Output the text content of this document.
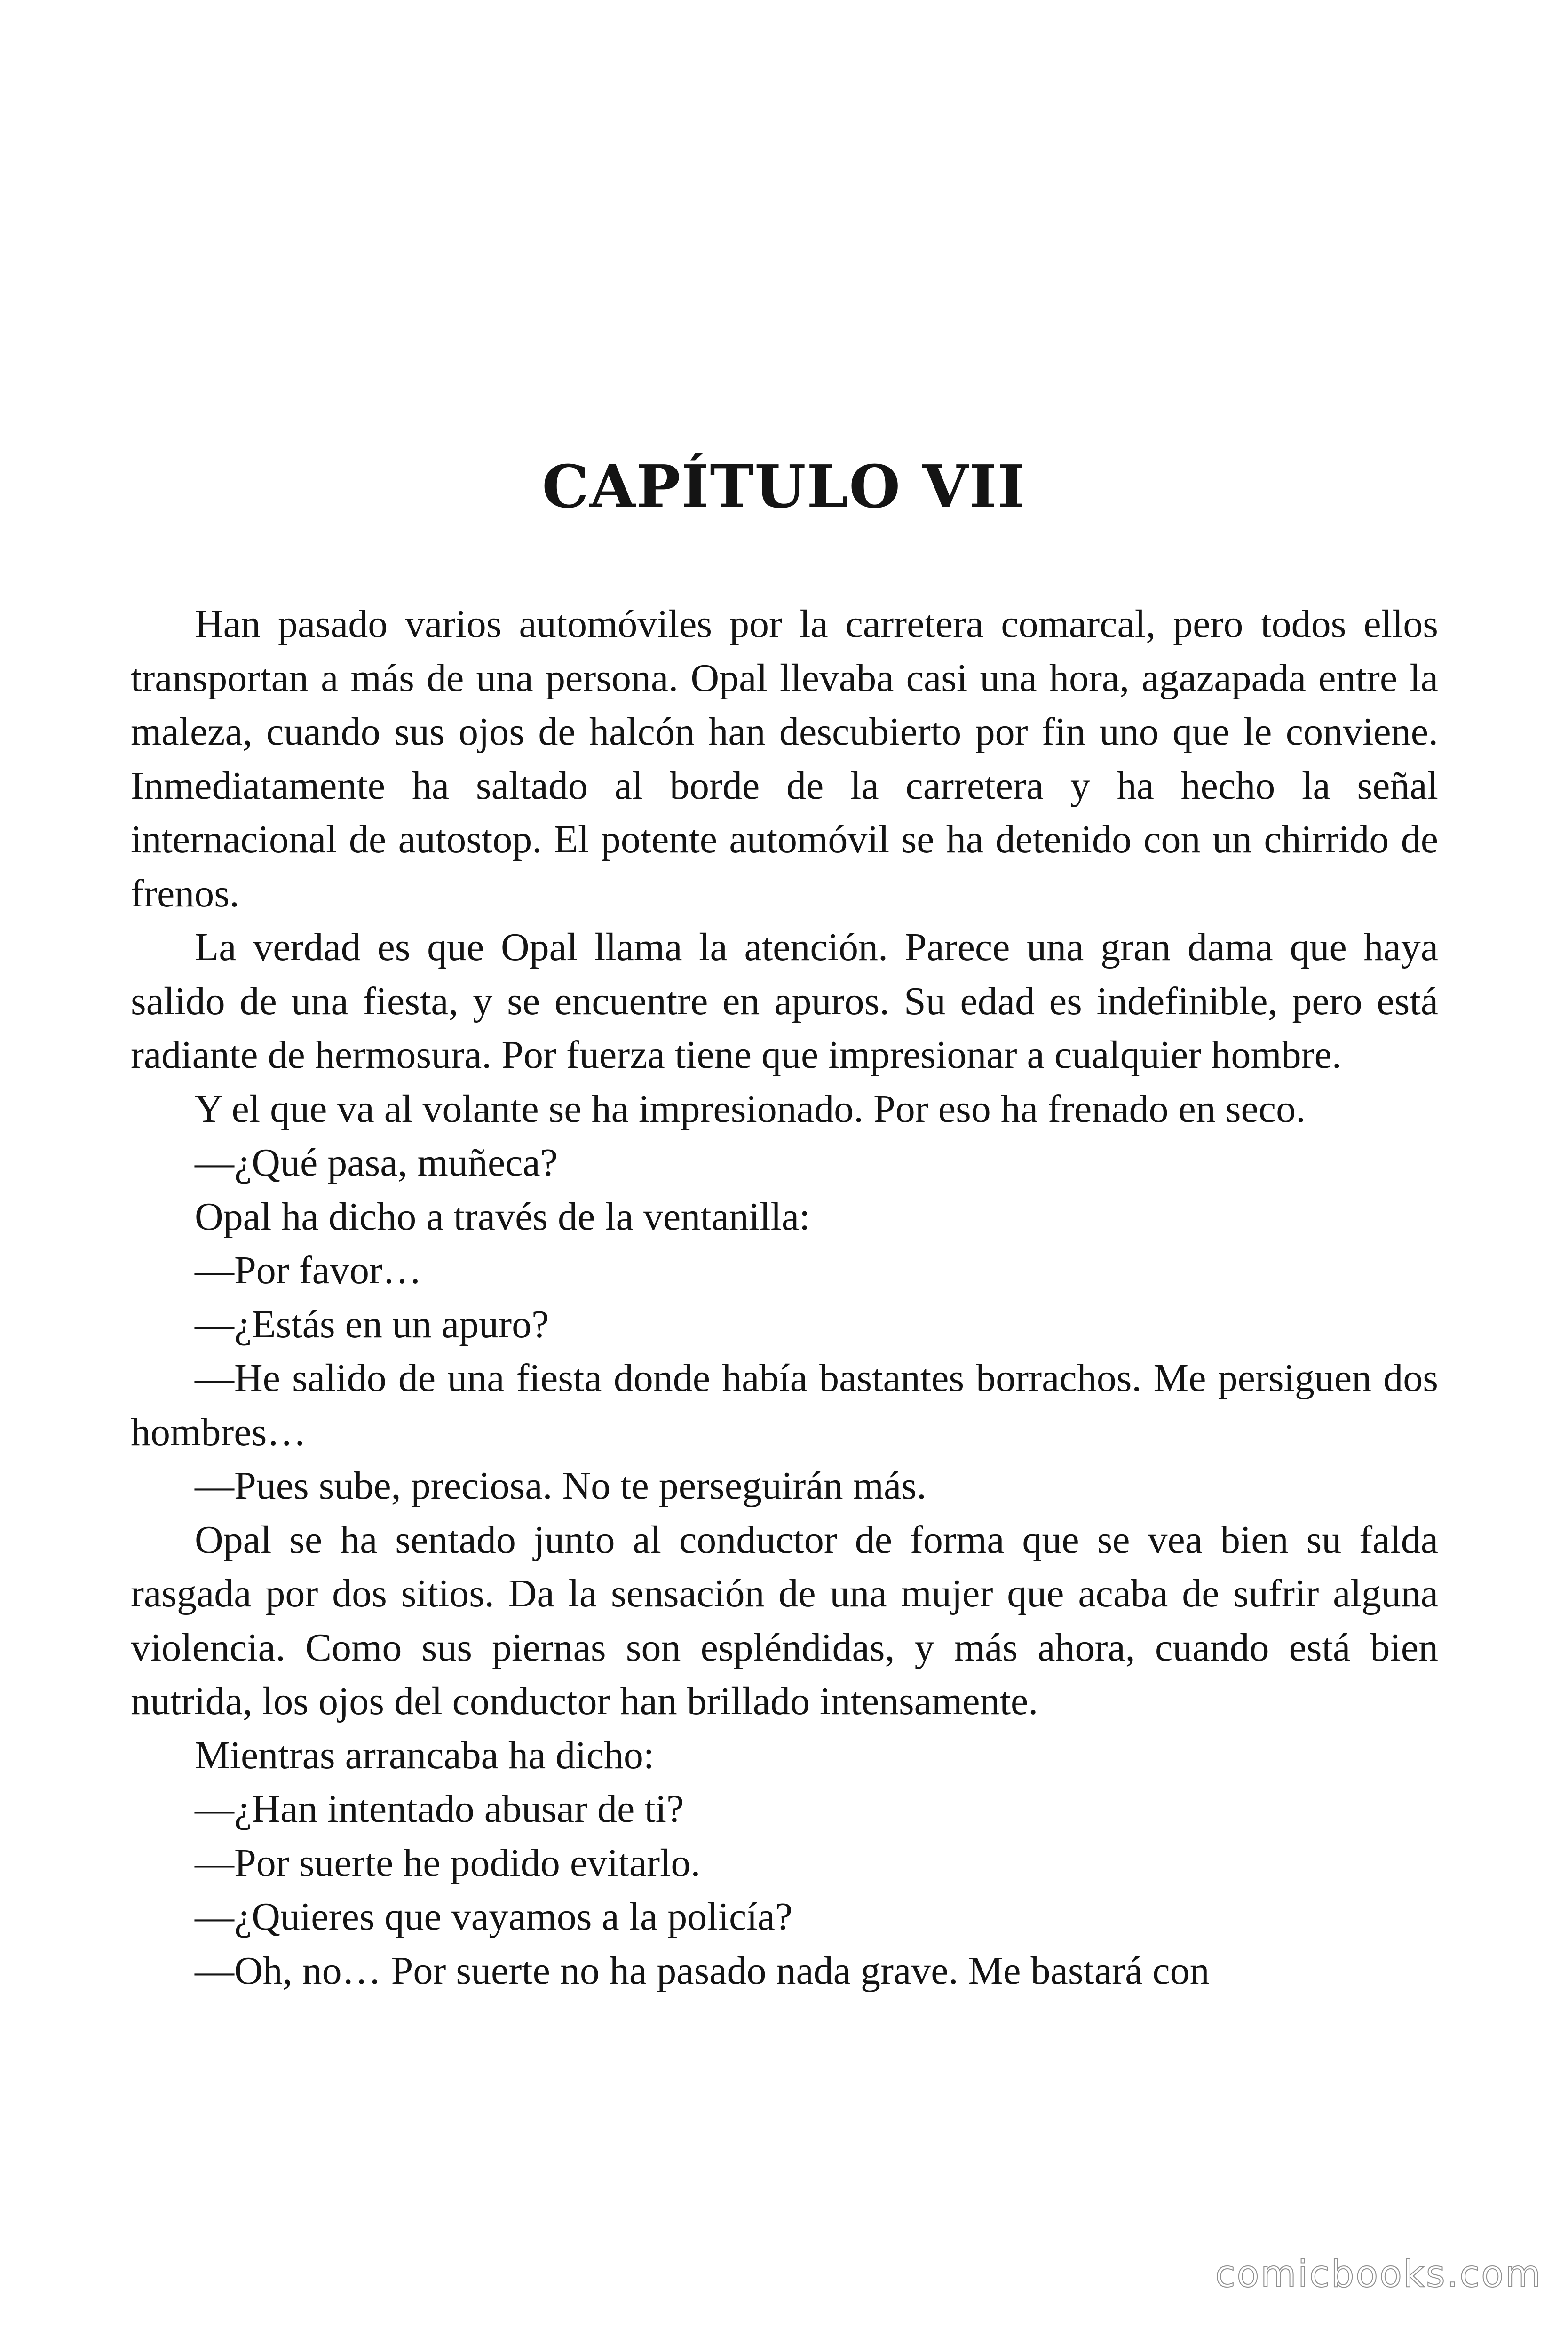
CAPÍTULO VII

Han pasado varios automóviles por la carretera comarcal, pero todos ellos transportan a más de una persona. Opal llevaba casi una hora, agazapada entre la maleza, cuando sus ojos de halcón han descubierto por fin uno que le conviene. Inmediatamente ha saltado al borde de la carretera y ha hecho la señal internacional de autostop. El potente automóvil se ha detenido con un chirrido de frenos.

La verdad es que Opal llama la atención. Parece una gran dama que haya salido de una fiesta, y se encuentre en apuros. Su edad es indefinible, pero está radiante de hermosura. Por fuerza tiene que impresionar a cualquier hombre.

Y el que va al volante se ha impresionado. Por eso ha frenado en seco.

—¿Qué pasa, muñeca?

Opal ha dicho a través de la ventanilla:

—Por favor…

—¿Estás en un apuro?

—He salido de una fiesta donde había bastantes borrachos. Me persiguen dos hombres…

—Pues sube, preciosa. No te perseguirán más.

Opal se ha sentado junto al conductor de forma que se vea bien su falda rasgada por dos sitios. Da la sensación de una mujer que acaba de sufrir alguna violencia. Como sus piernas son espléndidas, y más ahora, cuando está bien nutrida, los ojos del conductor han brillado intensamente.

Mientras arrancaba ha dicho:

—¿Han intentado abusar de ti?

—Por suerte he podido evitarlo.

—¿Quieres que vayamos a la policía?

—Oh, no… Por suerte no ha pasado nada grave. Me bastará con

comicbooks.com
